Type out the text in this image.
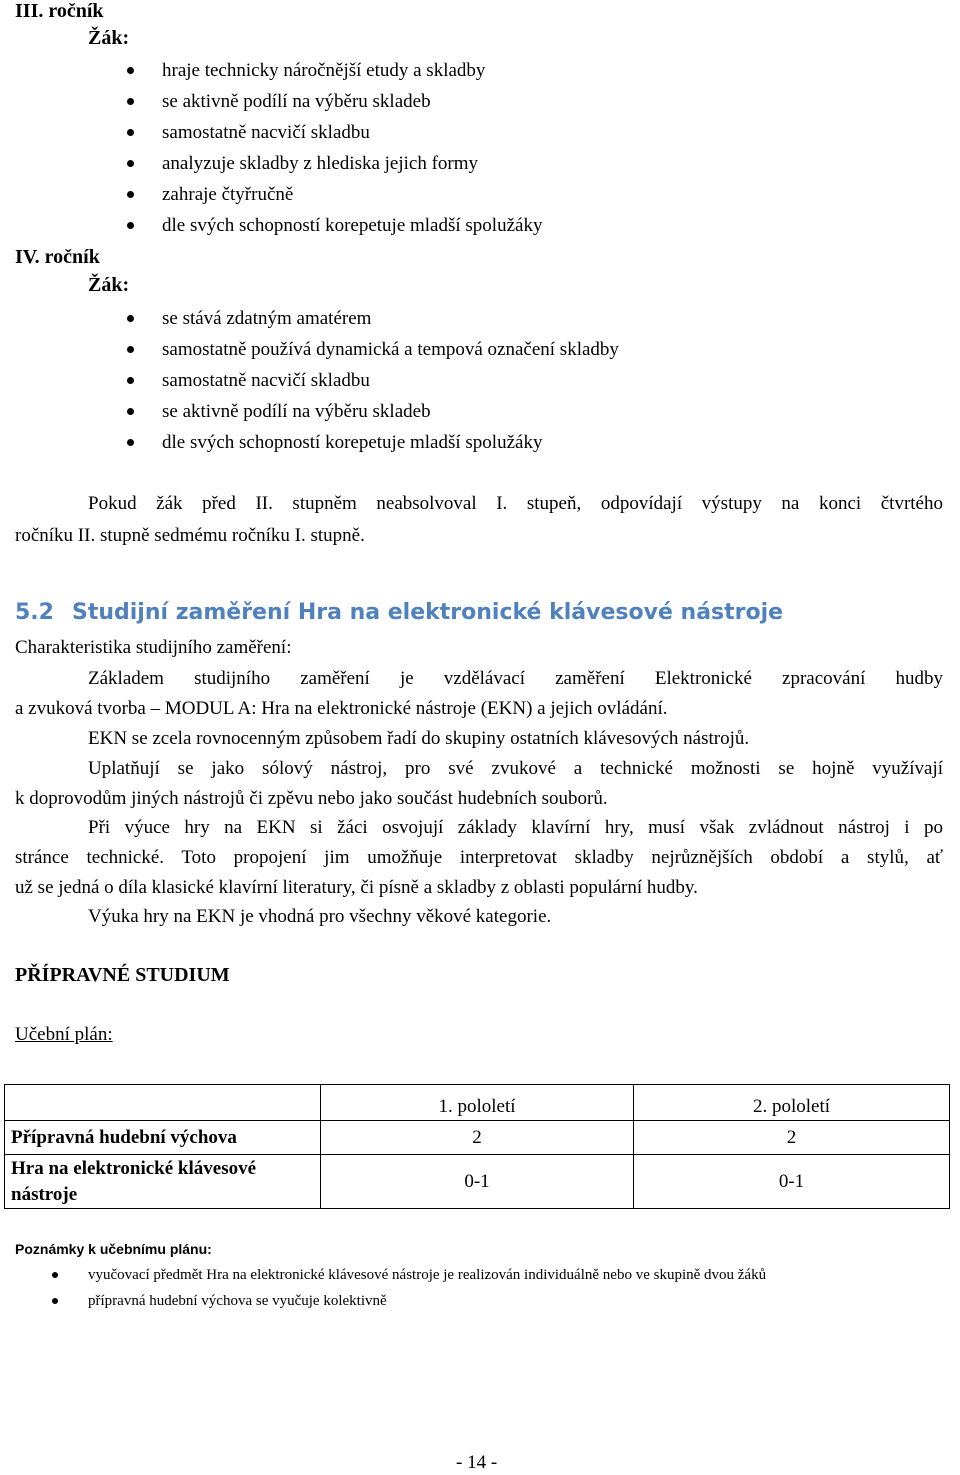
III. ročník
Žák:
hraje technicky náročnější etudy a skladby
se aktivně podílí na výběru skladeb
samostatně nacvičí skladbu
analyzuje skladby z hlediska jejich formy
zahraje čtyřručně
dle svých schopností korepetuje mladší spolužáky
IV. ročník
Žák:
se stává zdatným amatérem
samostatně používá dynamická a tempová označení skladby
samostatně nacvičí skladbu
se aktivně podílí na výběru skladeb
dle svých schopností korepetuje mladší spolužáky
Pokud žák před II. stupněm neabsolvoval I. stupeň, odpovídají výstupy na konci čtvrtého
ročníku II. stupně sedmému ročníku I. stupně.
5.2 Studijní zaměření Hra na elektronické klávesové nástroje
Charakteristika studijního zaměření:
Základem studijního zaměření je vzdělávací zaměření Elektronické zpracování hudby
a zvuková tvorba – MODUL A: Hra na elektronické nástroje (EKN) a jejich ovládání.
EKN se zcela rovnocenným způsobem řadí do skupiny ostatních klávesových nástrojů.
Uplatňují se jako sólový nástroj, pro své zvukové a technické možnosti se hojně využívají
k doprovodům jiných nástrojů či zpěvu nebo jako součást hudebních souborů.
Při výuce hry na EKN si žáci osvojují základy klavírní hry, musí však zvládnout nástroj i po
stránce technické. Toto propojení jim umožňuje interpretovat skladby nejrůznějších období a stylů, ať
už se jedná o díla klasické klavírní literatury, či písně a skladby z oblasti populární hudby.
Výuka hry na EKN je vhodná pro všechny věkové kategorie.
PŘÍPRAVNÉ STUDIUM
Učební plán:
	1. pololetí	2. pololetí
Přípravná hudební výchova	2	2
Hra na elektronické klávesové nástroje	0-1	0-1
Poznámky k učebnímu plánu:
vyučovací předmět Hra na elektronické klávesové nástroje je realizován individuálně nebo ve skupině dvou žáků
přípravná hudební výchova se vyučuje kolektivně
- 14 -
